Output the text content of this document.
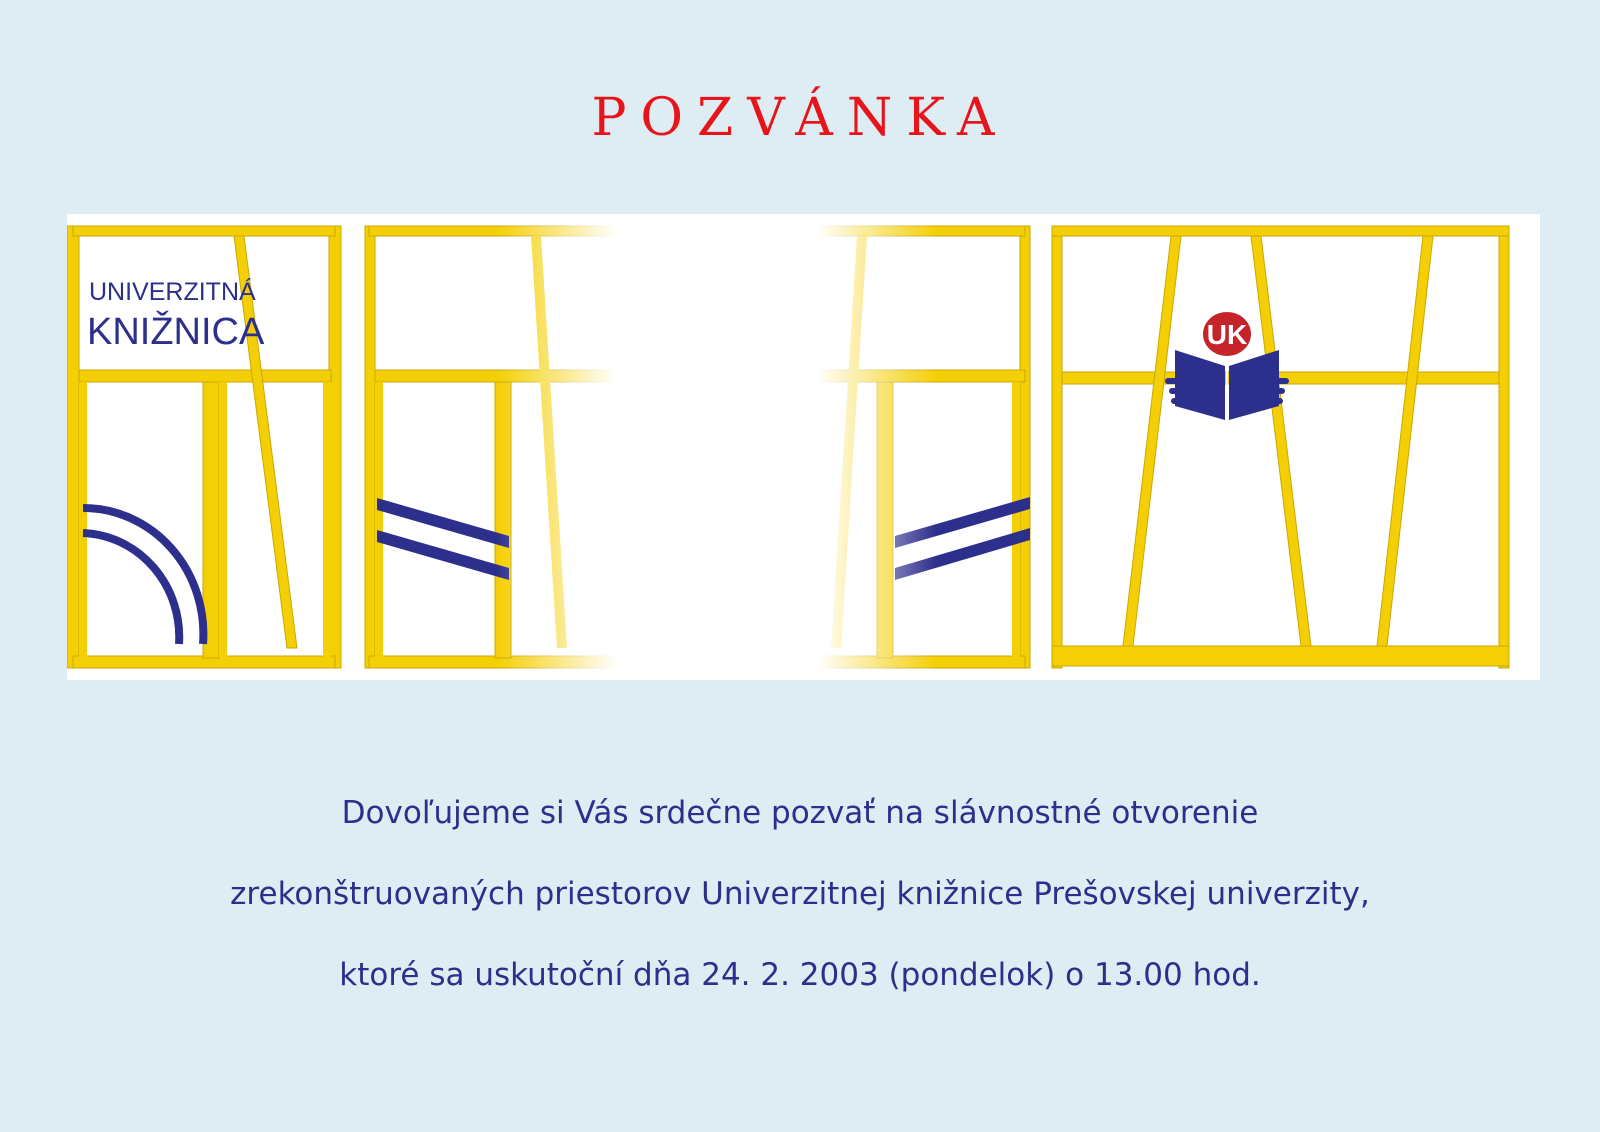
POZVÁNKA
UNIVERZITNÁ
KNIŽNICA	UK
Dovoľujeme si Vás srdečne pozvať na slávnostné otvorenie
zrekonštruovaných priestorov Univerzitnej knižnice Prešovskej univerzity,
ktoré sa uskutoční dňa 24. 2. 2003 (pondelok) o 13.00 hod.
